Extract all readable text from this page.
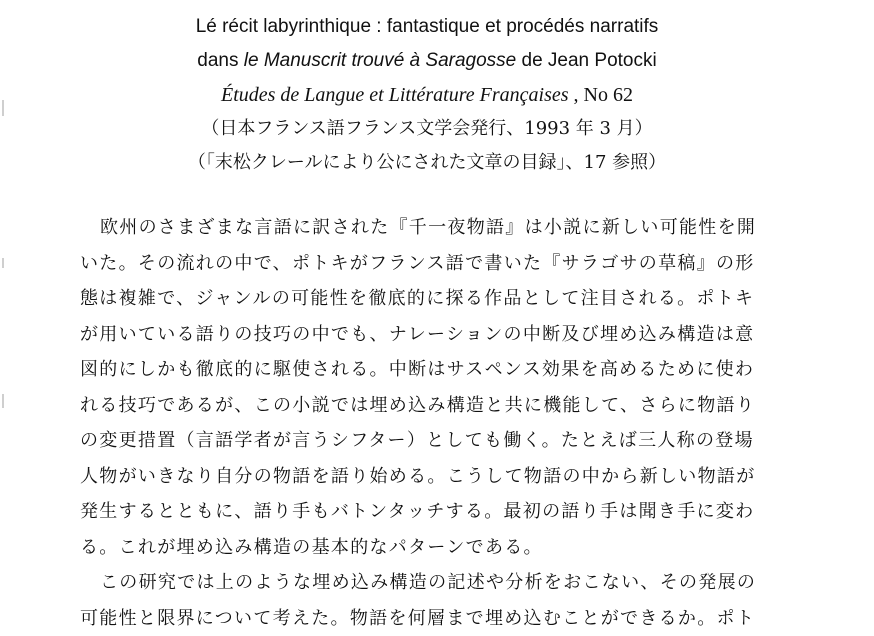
Lé récit labyrinthique : fantastique et procédés narratifs
dans le Manuscrit trouvé à Saragosse de Jean Potocki
Études de Langue et Littérature Françaises , No 62
（日本フランス語フランス文学会発行、1993 年 3 月）
（「末松クレールにより公にされた文章の目録」、17 参照）
欧州のさまざまな言語に訳された『千一夜物語』は小説に新しい可能性を開
いた。その流れの中で、ポトキがフランス語で書いた『サラゴサの草稿』の形
態は複雑で、ジャンルの可能性を徹底的に探る作品として注目される。ポトキ
が用いている語りの技巧の中でも、ナレーションの中断及び埋め込み構造は意
図的にしかも徹底的に駆使される。中断はサスペンス効果を高めるために使わ
れる技巧であるが、この小説では埋め込み構造と共に機能して、さらに物語り
の変更措置（言語学者が言うシフター）としても働く。たとえば三人称の登場
人物がいきなり自分の物語を語り始める。こうして物語の中から新しい物語が
発生するとともに、語り手もバトンタッチする。最初の語り手は聞き手に変わ
る。これが埋め込み構造の基本的なパターンである。
この研究では上のような埋め込み構造の記述や分析をおこない、その発展の
可能性と限界について考えた。物語を何層まで埋め込むことができるか。ポト
